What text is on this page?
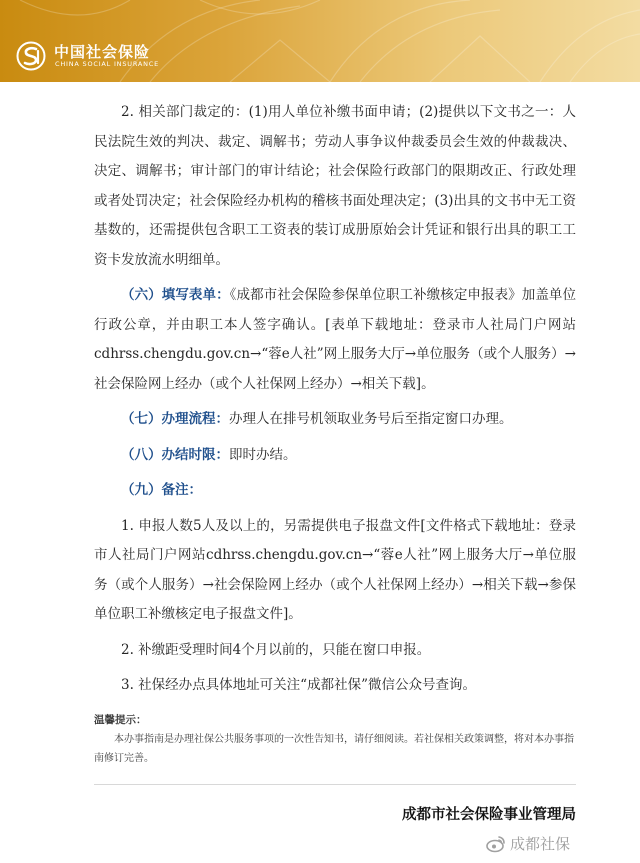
中国社会保险
CHINA SOCIAL INSURANCE

2. 相关部门裁定的：(1)用人单位补缴书面申请；(2)提供以下文书之一：人民法院生效的判决、裁定、调解书；劳动人事争议仲裁委员会生效的仲裁裁决、决定、调解书；审计部门的审计结论；社会保险行政部门的限期改正、行政处理或者处罚决定；社会保险经办机构的稽核书面处理决定；(3)出具的文书中无工资基数的，还需提供包含职工工资表的装订成册原始会计凭证和银行出具的职工工资卡发放流水明细单。

（六）填写表单：《成都市社会保险参保单位职工补缴核定申报表》加盖单位行政公章，并由职工本人签字确认。[表单下载地址：登录市人社局门户网站cdhrss.chengdu.gov.cn→“蓉e人社”网上服务大厅→单位服务（或个人服务）→社会保险网上经办（或个人社保网上经办）→相关下载]。

（七）办理流程：办理人在排号机领取业务号后至指定窗口办理。

（八）办结时限：即时办结。

（九）备注：

1. 申报人数5人及以上的，另需提供电子报盘文件[文件格式下载地址：登录市人社局门户网站cdhrss.chengdu.gov.cn→“蓉e人社”网上服务大厅→单位服务（或个人服务）→社会保险网上经办（或个人社保网上经办）→相关下载→参保单位职工补缴核定电子报盘文件]。

2. 补缴距受理时间4个月以前的，只能在窗口申报。

3. 社保经办点具体地址可关注“成都社保”微信公众号查询。

温馨提示：

本办事指南是办理社保公共服务事项的一次性告知书，请仔细阅读。若社保相关政策调整，将对本办事指南修订完善。

成都市社会保险事业管理局
成都社保
